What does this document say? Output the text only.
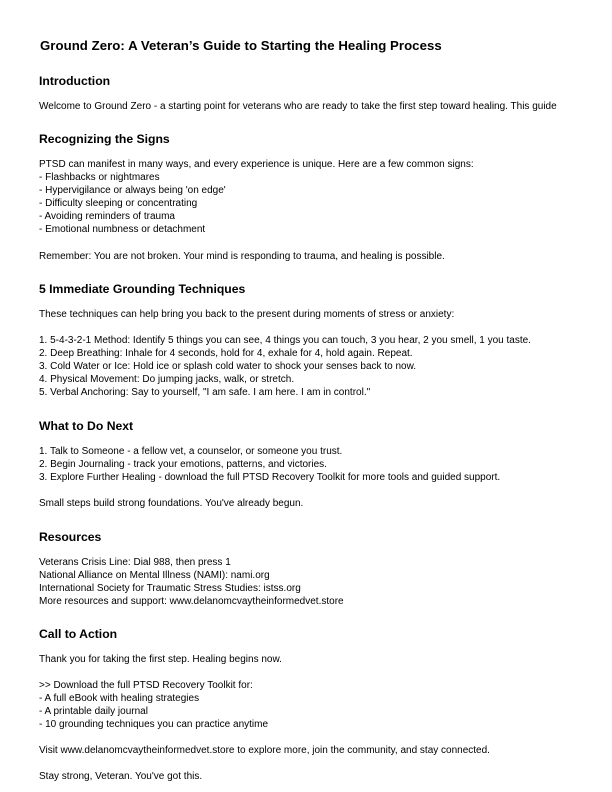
Ground Zero: A Veteran’s Guide to Starting the Healing Process
Introduction
Welcome to Ground Zero - a starting point for veterans who are ready to take the first step toward healing. This guide
Recognizing the Signs
PTSD can manifest in many ways, and every experience is unique. Here are a few common signs:
- Flashbacks or nightmares
- Hypervigilance or always being 'on edge'
- Difficulty sleeping or concentrating
- Avoiding reminders of trauma
- Emotional numbness or detachment
Remember: You are not broken. Your mind is responding to trauma, and healing is possible.
5 Immediate Grounding Techniques
These techniques can help bring you back to the present during moments of stress or anxiety:
1. 5-4-3-2-1 Method: Identify 5 things you can see, 4 things you can touch, 3 you hear, 2 you smell, 1 you taste.
2. Deep Breathing: Inhale for 4 seconds, hold for 4, exhale for 4, hold again. Repeat.
3. Cold Water or Ice: Hold ice or splash cold water to shock your senses back to now.
4. Physical Movement: Do jumping jacks, walk, or stretch.
5. Verbal Anchoring: Say to yourself, "I am safe. I am here. I am in control."
What to Do Next
1. Talk to Someone - a fellow vet, a counselor, or someone you trust.
2. Begin Journaling - track your emotions, patterns, and victories.
3. Explore Further Healing - download the full PTSD Recovery Toolkit for more tools and guided support.
Small steps build strong foundations. You've already begun.
Resources
Veterans Crisis Line: Dial 988, then press 1
National Alliance on Mental Illness (NAMI): nami.org
International Society for Traumatic Stress Studies: istss.org
More resources and support: www.delanomcvaytheinformedvet.store
Call to Action
Thank you for taking the first step. Healing begins now.
>> Download the full PTSD Recovery Toolkit for:
- A full eBook with healing strategies
- A printable daily journal
- 10 grounding techniques you can practice anytime
Visit www.delanomcvaytheinformedvet.store to explore more, join the community, and stay connected.
Stay strong, Veteran. You've got this.
